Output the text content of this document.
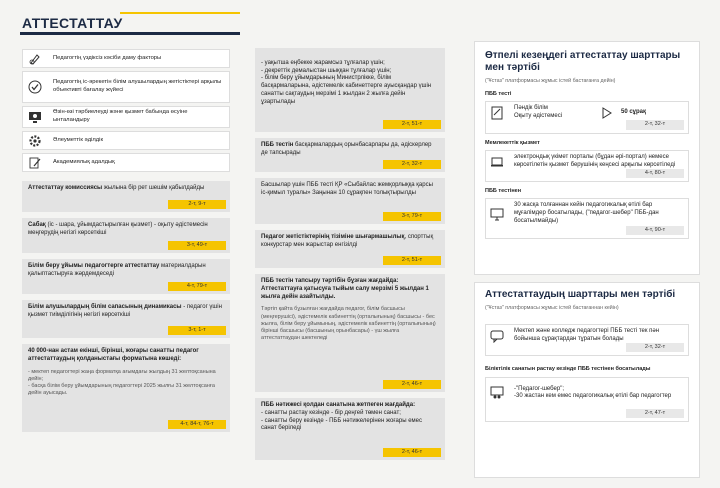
АТТЕСТАТТАУ
Педагогтің үздіксіз кәсіби даму факторы
Педагогтің іс-әрекетін білім алушылардың жетістіктері арқылы объективті бағалау жүйесі
Өзін-өзі тәрбиелеуді және қызмет бабында өсуіне ынталандыру
Әлеуметтік әділдік
Академиялық адалдық
Аттестаттау комиссиясы жылына бір рет шешім қабылдайды
2-т, 9-т
Сабақ (іс - шара, ұйымдастырылған қызмет) - оқыту әдістемесін меңгерудің негізгі көрсеткіші
3-т, 49-т
Білім беру ұйымы педагогтерге аттестаттау материалдарын қалыптастыруға жәрдемдеседі
4-т, 79-т
Білім алушылардың білім сапасының динамикасы - педагог үшін қызмет тиімділігінің негізгі көрсеткіші
3-т, 1-т
40 000-нан астам екінші, бірінші, жоғары санатты педагог аттестаттаудың қолданыстағы форматына көшеді:
- мектеп педагогтері жаңа форматқа ағымдағы жылдың 31 желтоқсанына дейін;
- басқа білім беру ұйымдарының педагогтері 2025 жылғы 31 желтоқсанға дейін ауысады.
4-т, 84-т, 76-т

- уақытша еңбекке жарамсыз тұлғалар үшін;
- декреттік демалыстан шыққан тұлғалар үшін;
- білім беру ұйымдарының Министрлікке, білім басқармаларына, әдістемелік кабинеттерге ауысқандар үшін санатты сақтаудың мерзімі 1 жылдан 2 жылға дейін ұзартылады

2-т, 51-т

ПББ тестін басқармалардың орынбасарлары да, әдіскерлер де тапсырады
2-т, 32-т
Басшылар үшін ПББ тесті ҚР «Сыбайлас жемқорлыққа қарсы іс-қимыл туралы» Заңынан 10 сұрақпен толықтырылды
3-т, 79-т
Педагог жетістіктерінің тізіміне шығармашылық, спорттық конкурстар мен жарыстар енгізілді
2-т, 51-т
ПББ тестін тапсыру тәртібін бұзған жағдайда: Аттестаттауға қатысуға тыйым салу мерзімі 5 жылдан 1 жылға дейін азайтылды.
Тәртіп қайта бұзылған жағдайда педагог, білім басшысы (меңгерушісі), әдістемелік кабинеттің (орталығының) басшысы - бес жылға, білім беру ұйымының, әдістемелік кабинеттің (орталығының) бірінші басшысы (басшының орынбасары) - үш жылға аттестаттаудан шектеледі
2-т, 46-т
ПББ нәтижесі қолдан санатына жетпеген жағдайда:
- санатты растау кезінде - бір деңгей төмен санат;
- санатты беру кезінде - ПББ нәтижелерінен жоғары емес санат беріледі
2-т, 46-т
Өтпелі кезеңдегі аттестаттау шарттары мен тәртібі
("Ұстаз" платформасы жұмыс істей бастағанға дейін)
ПББ тесті
Пәндік білім
Оқыту әдістемесі
50 сұрақ
2-т, 32-т
Мемлекеттік қызмет
электрондық үкімет порталы (бұдан әрі-портал) немесе көрсетілетін қызмет берушінің кеңсесі арқылы көрсетіледі
4-т, 80-т
ПББ тестінен
30 жасқа толғаннан кейін педагогикалық өтілі бар мұғалімдер босатылады, ("педагог-шебер" ПББ-дан босатылмайды)
4-т, 90-т
Аттестаттаудың шарттары мен тәртібі
("Ұстаз" платформасы жұмыс істей бастағаннан кейін)
Мектеп және колледж педагогтері ПББ тесті тек пән бойынша сұрақтардан тұратын болады
2-т, 32-т
Біліктілік санатын растау кезінде ПББ тестінен босатылады
-"Педагог-шебер";
-30 жастан кем емес педагогикалық өтілі бар педагогтер
2-т, 47-т
